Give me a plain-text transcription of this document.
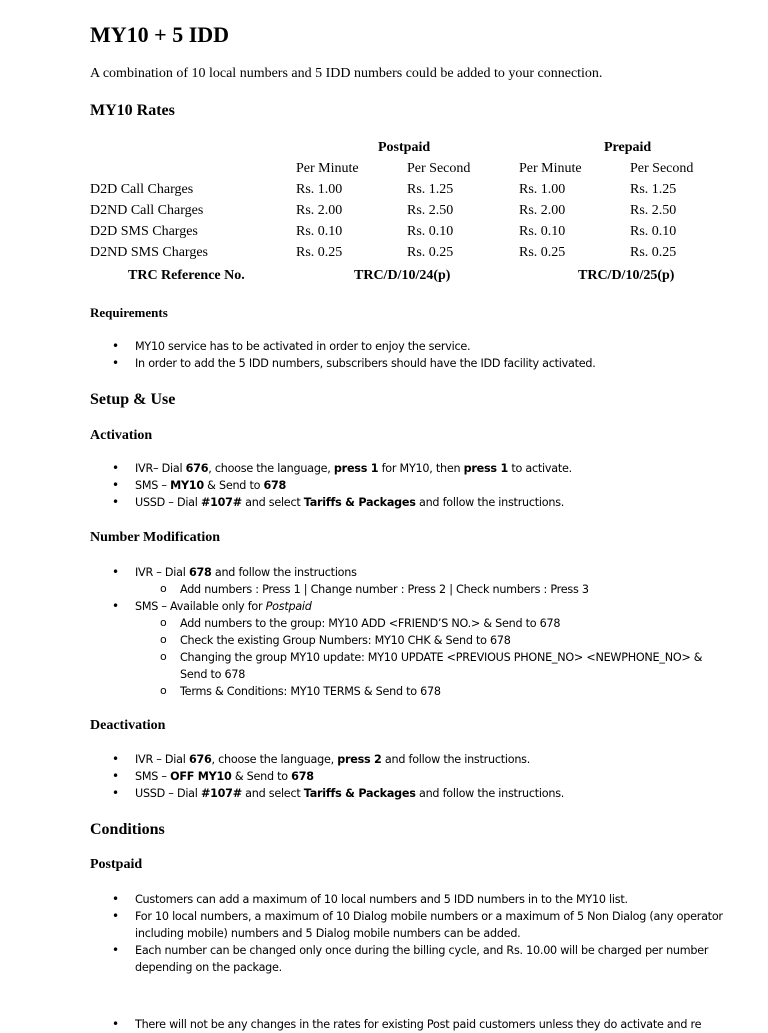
MY10 + 5 IDD
A combination of 10 local numbers and 5 IDD numbers could be added to your connection.
MY10 Rates
Postpaid	Prepaid
Per Minute	Per Second	Per Minute	Per Second
D2D Call Charges	Rs. 1.00	Rs. 1.25	Rs. 1.00	Rs. 1.25
D2ND Call Charges	Rs. 2.00	Rs. 2.50	Rs. 2.00	Rs. 2.50
D2D SMS Charges	Rs. 0.10	Rs. 0.10	Rs. 0.10	Rs. 0.10
D2ND SMS Charges	Rs. 0.25	Rs. 0.25	Rs. 0.25	Rs. 0.25
TRC Reference No.	TRC/D/10/24(p)	TRC/D/10/25(p)
Requirements
• MY10 service has to be activated in order to enjoy the service.
• In order to add the 5 IDD numbers, subscribers should have the IDD facility activated.
Setup & Use
Activation
• IVR– Dial 676, choose the language, press 1 for MY10, then press 1 to activate.
• SMS – MY10 & Send to 678
• USSD – Dial #107# and select Tariffs & Packages and follow the instructions.
Number Modification
• IVR – Dial 678 and follow the instructions
o Add numbers : Press 1 | Change number : Press 2 | Check numbers : Press 3
• SMS – Available only for Postpaid
o Add numbers to the group: MY10 ADD <FRIEND’S NO.> & Send to 678
o Check the existing Group Numbers: MY10 CHK & Send to 678
o Changing the group MY10 update: MY10 UPDATE <PREVIOUS PHONE_NO> <NEWPHONE_NO> & Send to 678
o Terms & Conditions: MY10 TERMS & Send to 678
Deactivation
• IVR – Dial 676, choose the language, press 2 and follow the instructions.
• SMS – OFF MY10 & Send to 678
• USSD – Dial #107# and select Tariffs & Packages and follow the instructions.
Conditions
Postpaid
• Customers can add a maximum of 10 local numbers and 5 IDD numbers in to the MY10 list.
• For 10 local numbers, a maximum of 10 Dialog mobile numbers or a maximum of 5 Non Dialog (any operator including mobile) numbers and 5 Dialog mobile numbers can be added.
• Each number can be changed only once during the billing cycle, and Rs. 10.00 will be charged per number depending on the package.
• There will not be any changes in the rates for existing Post paid customers unless they do activate and re
